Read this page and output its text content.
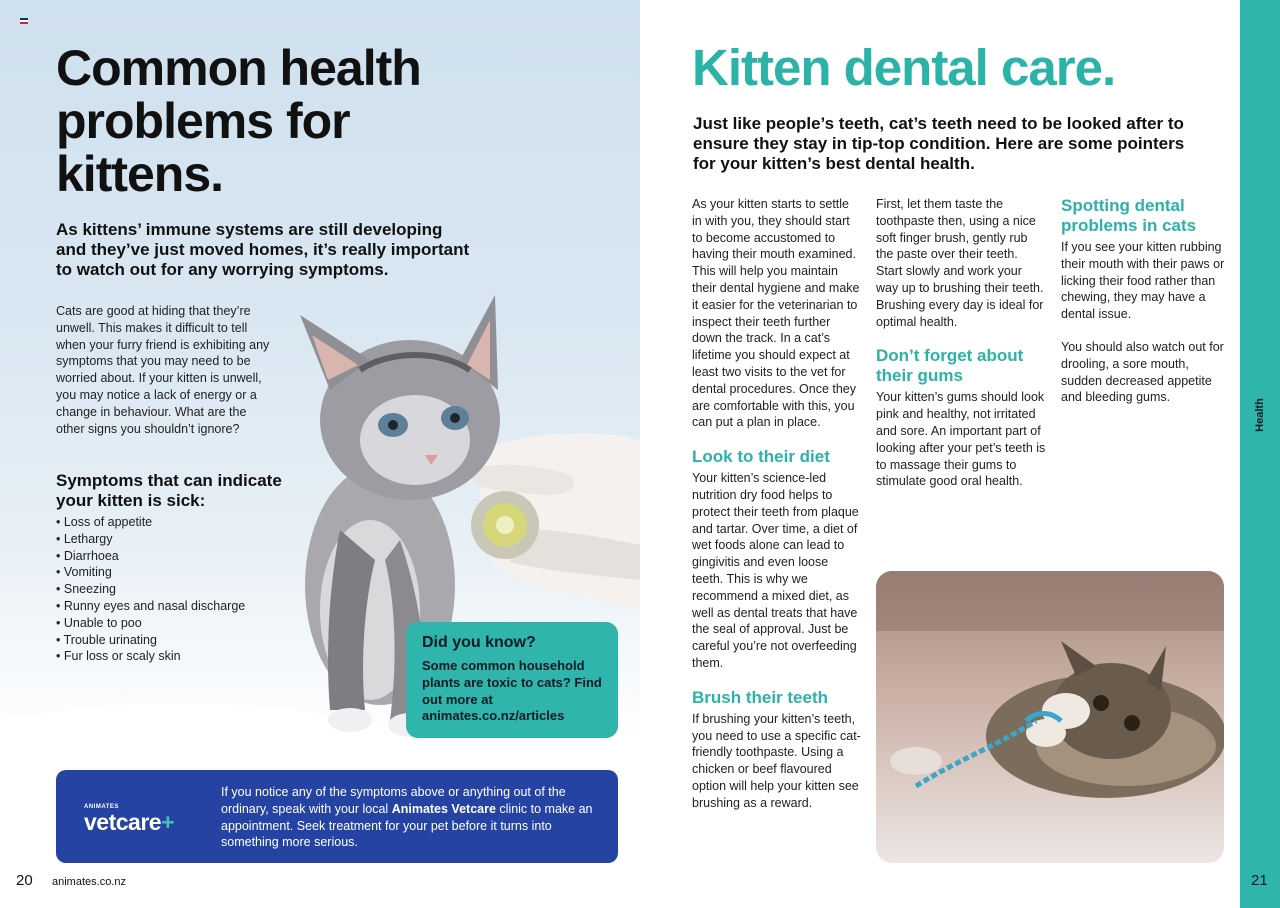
Common health problems for kittens.

As kittens’ immune systems are still developing and they’ve just moved homes, it’s really important to watch out for any worrying symptoms.

Cats are good at hiding that they’re unwell. This makes it difficult to tell when your furry friend is exhibiting any symptoms that you may need to be worried about. If your kitten is unwell, you may notice a lack of energy or a change in behaviour. What are the other signs you shouldn’t ignore?

Symptoms that can indicate your kitten is sick:
• Loss of appetite
• Lethargy
• Diarrhoea
• Vomiting
• Sneezing
• Runny eyes and nasal discharge
• Unable to poo
• Trouble urinating
• Fur loss or scaly skin
Did you know?
Some common household plants are toxic to cats? Find out more at animates.co.nz/articles
ANIMATES
vetcare+

If you notice any of the symptoms above or anything out of the ordinary, speak with your local Animates Vetcare clinic to make an appointment. Seek treatment for your pet before it turns into something more serious.

20 animates.co.nz
Kitten dental care.

Just like people’s teeth, cat’s teeth need to be looked after to ensure they stay in tip-top condition. Here are some pointers for your kitten’s best dental health.

As your kitten starts to settle in with you, they should start to become accustomed to having their mouth examined. This will help you maintain their dental hygiene and make it easier for the veterinarian to inspect their teeth further down the track. In a cat’s lifetime you should expect at least two visits to the vet for dental procedures. Once they are comfortable with this, you can put a plan in place.

Look to their diet

Your kitten’s science-led nutrition dry food helps to protect their teeth from plaque and tartar. Over time, a diet of wet foods alone can lead to gingivitis and even loose teeth. This is why we recommend a mixed diet, as well as dental treats that have the seal of approval. Just be careful you’re not overfeeding them.

Brush their teeth

If brushing your kitten’s teeth, you need to use a specific cat-friendly toothpaste. Using a chicken or beef flavoured option will help your kitten see brushing as a reward.

First, let them taste the toothpaste then, using a nice soft finger brush, gently rub the paste over their teeth. Start slowly and work your way up to brushing their teeth. Brushing every day is ideal for optimal health.

Don’t forget about their gums

Your kitten’s gums should look pink and healthy, not irritated and sore. An important part of looking after your pet’s teeth is to massage their gums to stimulate good oral health.

Spotting dental problems in cats

If you see your kitten rubbing their mouth with their paws or licking their food rather than chewing, they may have a dental issue.

You should also watch out for drooling, a sore mouth, sudden decreased appetite and bleeding gums.

Health
21
